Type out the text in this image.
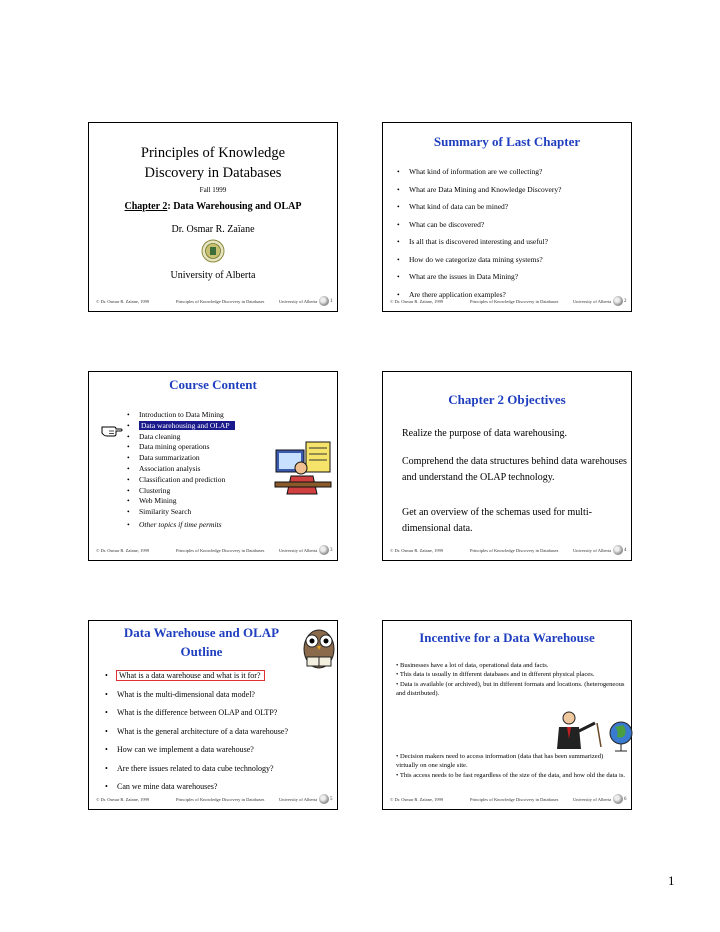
Principles of Knowledge
Discovery in Databases
Fall 1999
Chapter 2: Data Warehousing and OLAP
Dr. Osmar R. Zaïane
University of Alberta
© Dr. Osmar R. Zaïane, 1999	Principles of Knowledge Discovery in Databases	University of Alberta	1
Summary of Last Chapter
• What kind of information are we collecting?
• What are Data Mining and Knowledge Discovery?
• What kind of data can be mined?
• What can be discovered?
• Is all that is discovered interesting and useful?
• How do we categorize data mining systems?
• What are the issues in Data Mining?
• Are there application examples?
© Dr. Osmar R. Zaïane, 1999	Principles of Knowledge Discovery in Databases	University of Alberta	2
Course Content
• Introduction to Data Mining
• Data warehousing and OLAP
• Data cleaning
• Data mining operations
• Data summarization
• Association analysis
• Classification and prediction
• Clustering
• Web Mining
• Similarity Search
• Other topics if time permits
© Dr. Osmar R. Zaïane, 1999	Principles of Knowledge Discovery in Databases	University of Alberta	3
Chapter 2 Objectives
Realize the purpose of data warehousing.
Comprehend the data structures behind data warehouses and understand the OLAP technology.
Get an overview of the schemas used for multi-dimensional data.
© Dr. Osmar R. Zaïane, 1999	Principles of Knowledge Discovery in Databases	University of Alberta	4
Data Warehouse and OLAP
Outline
• What is a data warehouse and what is it for?
• What is the multi-dimensional data model?
• What is the difference between OLAP and OLTP?
• What is the general architecture of a data warehouse?
• How can we implement a data warehouse?
• Are there issues related to data cube technology?
• Can we mine data warehouses?
© Dr. Osmar R. Zaïane, 1999	Principles of Knowledge Discovery in Databases	University of Alberta	5
Incentive for a Data Warehouse
• Businesses have a lot of data, operational data and facts.
• This data is usually in different databases and in different physical places.
• Data is available (or archived), but in different formats and locations. (heterogeneous and distributed).
• Decision makers need to access information (data that has been summarized) virtually on one single site.
• This access needs to be fast regardless of the size of the data, and how old the data is.
© Dr. Osmar R. Zaïane, 1999	Principles of Knowledge Discovery in Databases	University of Alberta	6
1
